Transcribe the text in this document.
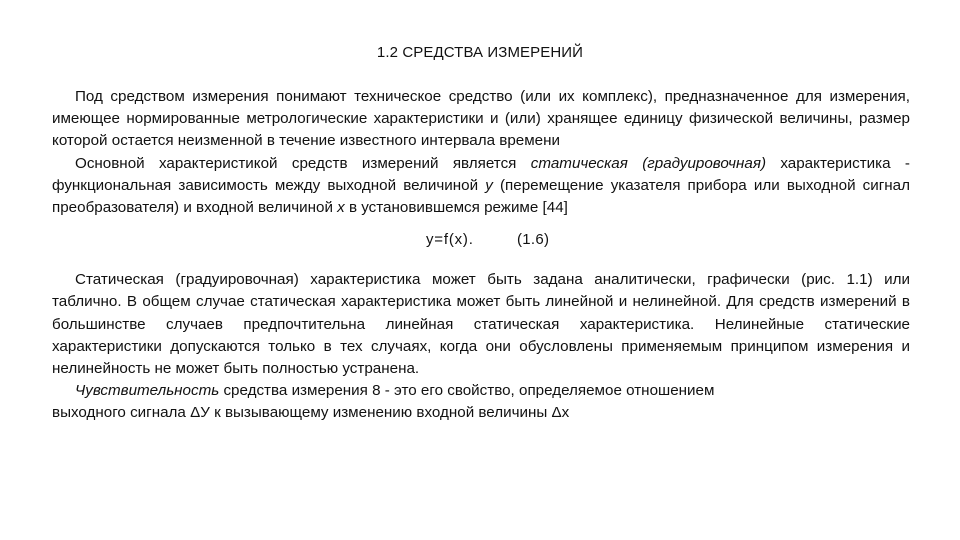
1.2 СРЕДСТВА ИЗМЕРЕНИЙ

Под средством измерения понимают техническое средство (или их комплекс), предназначенное для измерения, имеющее нормированные метрологические характеристики и (или) хранящее единицу физической величины, размер которой остается неизменной в течение известного интервала времени

Основной характеристикой средств измерений является статическая (градуировочная) характеристика - функциональная зависимость между выходной величиной y (перемещение указателя прибора или выходной сигнал преобразователя) и входной величиной x в установившемся режиме [44]

y=f(x).	(1.6)

Статическая (градуировочная) характеристика может быть задана аналитически, графически (рис. 1.1) или таблично. В общем случае статическая характеристика может быть линейной и нелинейной. Для средств измерений в большинстве случаев предпочтительна линейная статическая характеристика. Нелинейные статические характеристики допускаются только в тех случаях, когда они обусловлены применяемым принципом измерения и нелинейность не может быть полностью устранена.

Чувствительность средства измерения 8 - это его свойство, определяемое отношением
выходного сигнала ΔУ к вызывающему изменению входной величины Δх
